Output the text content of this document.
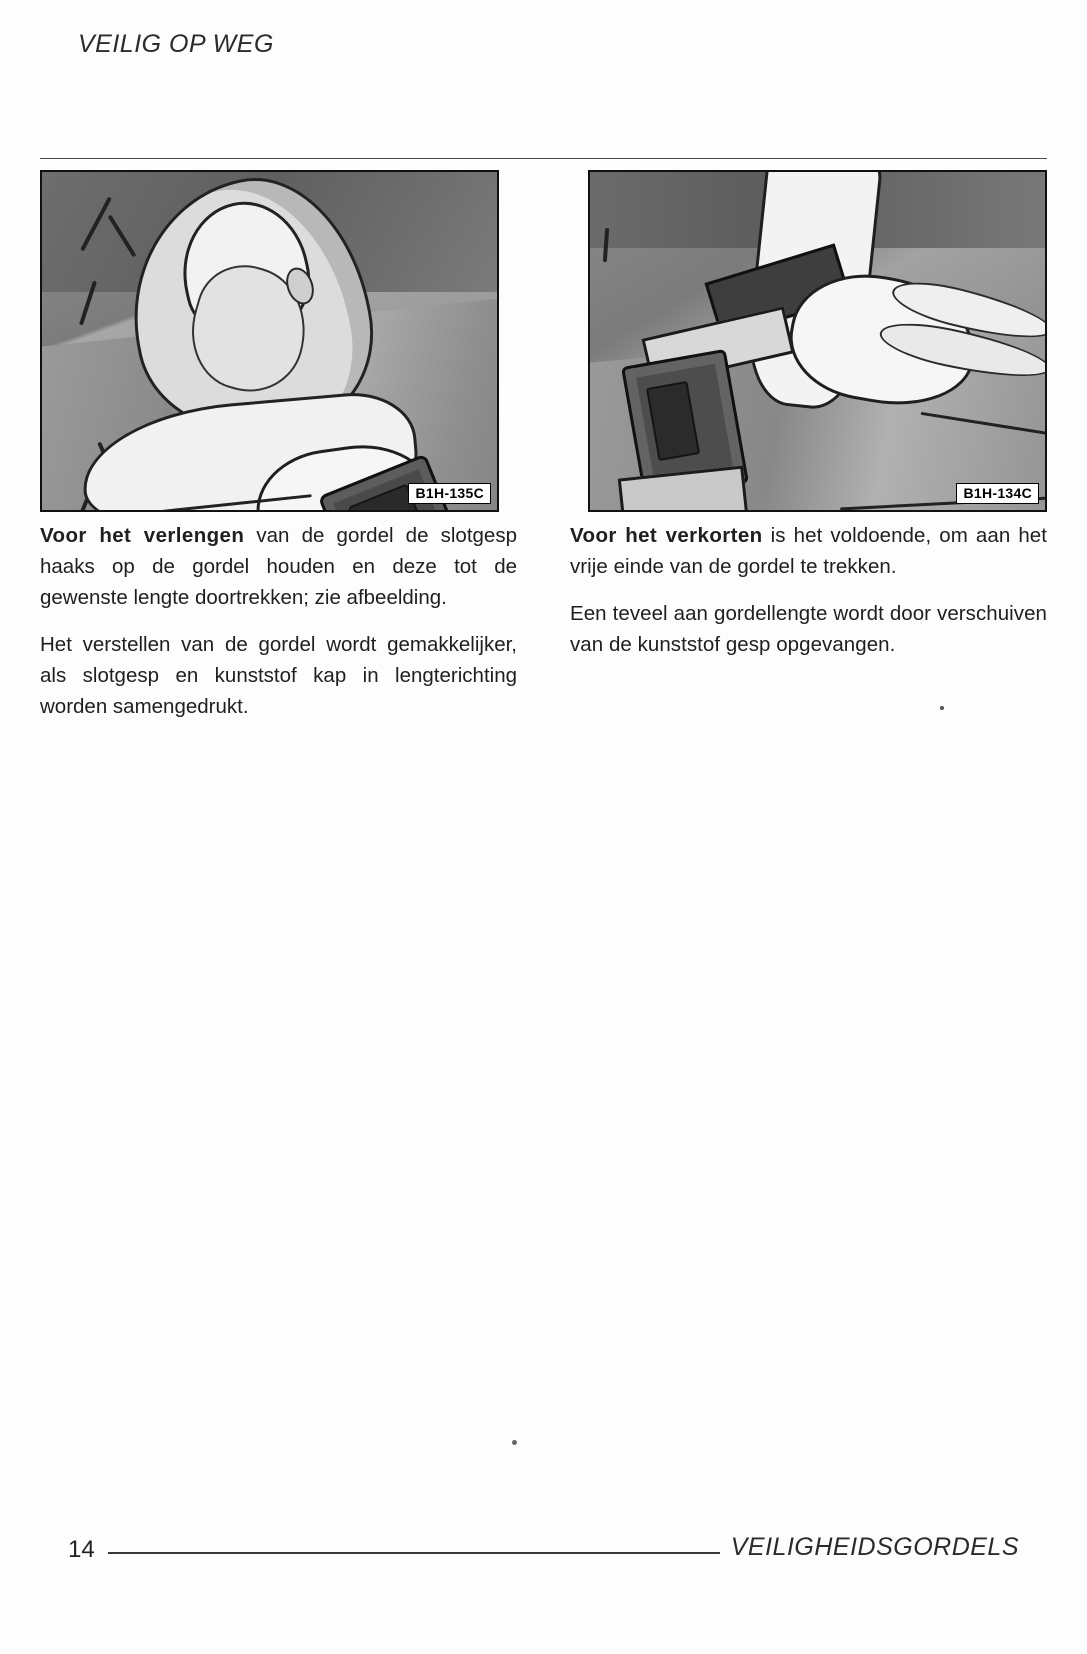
VEILIG OP WEG
B1H-135C	B1H-134C

Voor het verlengen van de gordel de slotgesp haaks op de gordel houden en deze tot de gewenste lengte doortrekken; zie afbeelding.

Het verstellen van de gordel wordt gemakkelijker, als slotgesp en kunststof kap in lengterichting worden samengedrukt.

Voor het verkorten is het voldoende, om aan het vrije einde van de gordel te trekken.

Een teveel aan gordellengte wordt door verschuiven van de kunststof gesp opgevangen.

14	VEILIGHEIDSGORDELS
